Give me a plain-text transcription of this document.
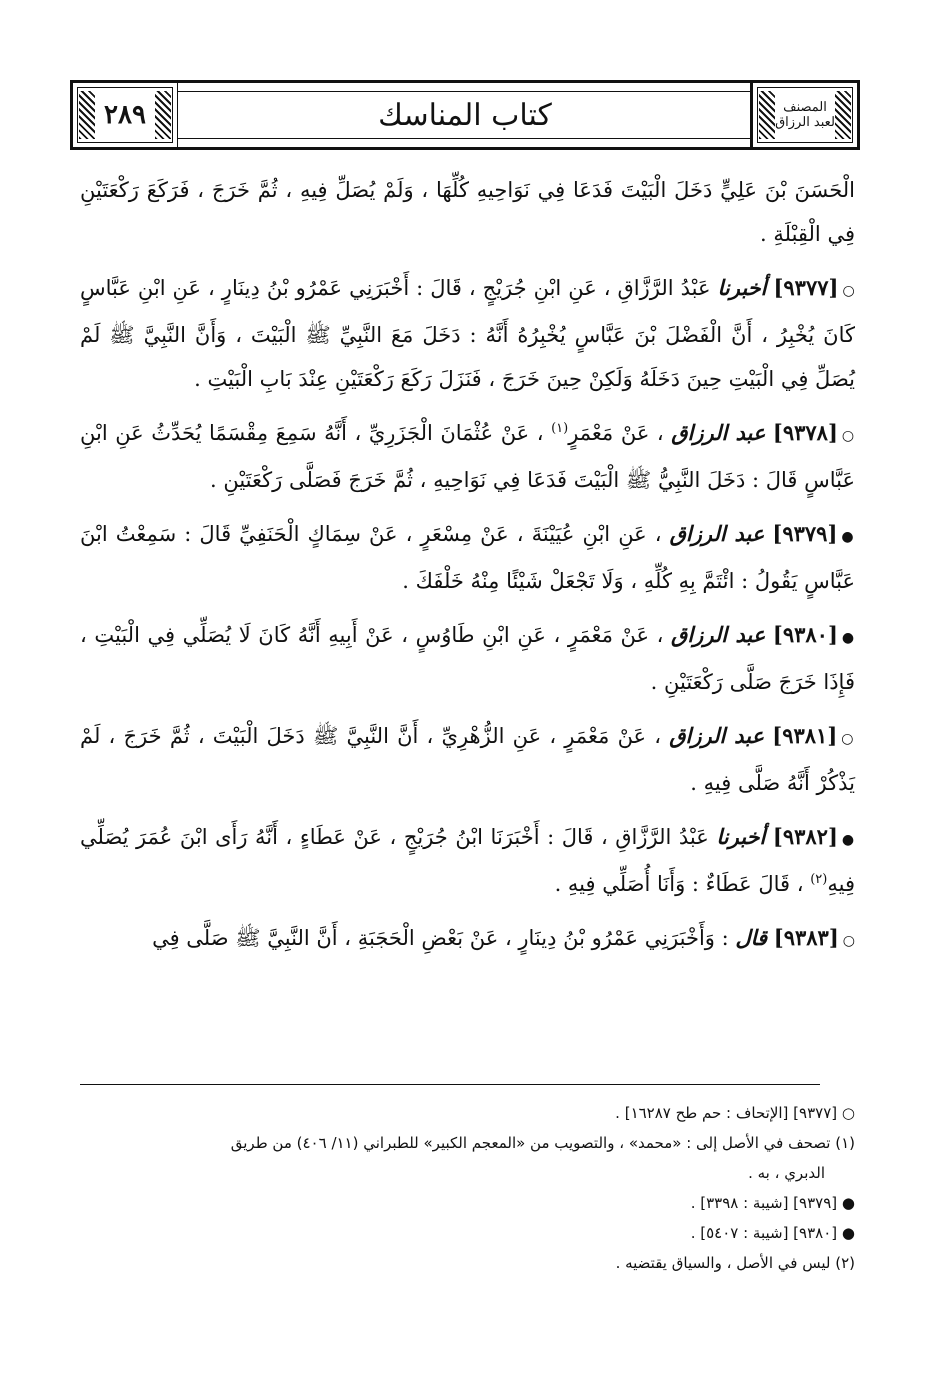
٢٨٩	كتاب المناسك	المصنف
لعبد الرزاق

الْحَسَنَ بْنَ عَلِيٍّ دَخَلَ الْبَيْتَ فَدَعَا فِي نَوَاحِيهِ كُلِّهَا ، وَلَمْ يُصَلِّ فِيهِ ، ثُمَّ خَرَجَ ، فَرَكَعَ رَكْعَتَيْنِ فِي الْقِبْلَةِ .

○[٩٣٧٧] أخبرنا عَبْدُ الرَّزَّاقِ ، عَنِ ابْنِ جُرَيْجٍ ، قَالَ : أَخْبَرَنِي عَمْرُو بْنُ دِينَارٍ ، عَنِ ابْنِ عَبَّاسٍ كَانَ يُخْبِرُ ، أَنَّ الْفَضْلَ بْنَ عَبَّاسٍ يُخْبِرُهُ أَنَّهُ : دَخَلَ مَعَ النَّبِيِّ ﷺ الْبَيْتَ ، وَأَنَّ النَّبِيَّ ﷺ لَمْ يُصَلِّ فِي الْبَيْتِ حِينَ دَخَلَهُ وَلَكِنْ حِينَ خَرَجَ ، فَنَزَلَ رَكَعَ رَكْعَتَيْنِ عِنْدَ بَابِ الْبَيْتِ .

○[٩٣٧٨] عبد الرزاق ، عَنْ مَعْمَرٍ$^{(١)}$ ، عَنْ عُثْمَانَ الْجَزَرِيِّ ، أَنَّهُ سَمِعَ مِقْسَمًا يُحَدِّثُ عَنِ ابْنِ عَبَّاسٍ قَالَ : دَخَلَ النَّبِيُّ ﷺ الْبَيْتَ فَدَعَا فِي نَوَاحِيهِ ، ثُمَّ خَرَجَ فَصَلَّى رَكْعَتَيْنِ .

●[٩٣٧٩] عبد الرزاق ، عَنِ ابْنِ عُيَيْنَةَ ، عَنْ مِسْعَرٍ ، عَنْ سِمَاكٍ الْحَنَفِيِّ قَالَ : سَمِعْتُ ابْنَ عَبَّاسٍ يَقُولُ : ائْتَمَّ بِهِ كُلِّهِ ، وَلَا تَجْعَلْ شَيْئًا مِنْهُ خَلْفَكَ .

●[٩٣٨٠] عبد الرزاق ، عَنْ مَعْمَرٍ ، عَنِ ابْنِ طَاوُسٍ ، عَنْ أَبِيهِ أَنَّهُ كَانَ لَا يُصَلِّي فِي الْبَيْتِ ، فَإِذَا خَرَجَ صَلَّى رَكْعَتَيْنِ .

○[٩٣٨١] عبد الرزاق ، عَنْ مَعْمَرٍ ، عَنِ الزُّهْرِيِّ ، أَنَّ النَّبِيَّ ﷺ دَخَلَ الْبَيْتَ ، ثُمَّ خَرَجَ ، لَمْ يَذْكُرْ أَنَّهُ صَلَّى فِيهِ .

●[٩٣٨٢] أخبرنا عَبْدُ الرَّزَّاقِ ، قَالَ : أَخْبَرَنَا ابْنُ جُرَيْجٍ ، عَنْ عَطَاءٍ ، أَنَّهُ رَأَى ابْنَ عُمَرَ يُصَلِّي فِيهِ$^{(٢)}$ ، قَالَ عَطَاءٌ : وَأَنَا أُصَلِّي فِيهِ .

○[٩٣٨٣] قال : وَأَخْبَرَنِي عَمْرُو بْنُ دِينَارٍ ، عَنْ بَعْضِ الْحَجَبَةِ ، أَنَّ النَّبِيَّ ﷺ صَلَّى فِي

○ [٩٣٧٧] [الإتحاف : حم طح ١٦٢٨٧] .

(١) تصحف في الأصل إلى : «محمد» ، والتصويب من «المعجم الكبير» للطبراني (١١/ ٤٠٦) من طريق

الدبري ، به .

● [٩٣٧٩] [شيبة : ٣٣٩٨] .

● [٩٣٨٠] [شيبة : ٥٤٠٧] .

(٢) ليس في الأصل ، والسياق يقتضيه .
